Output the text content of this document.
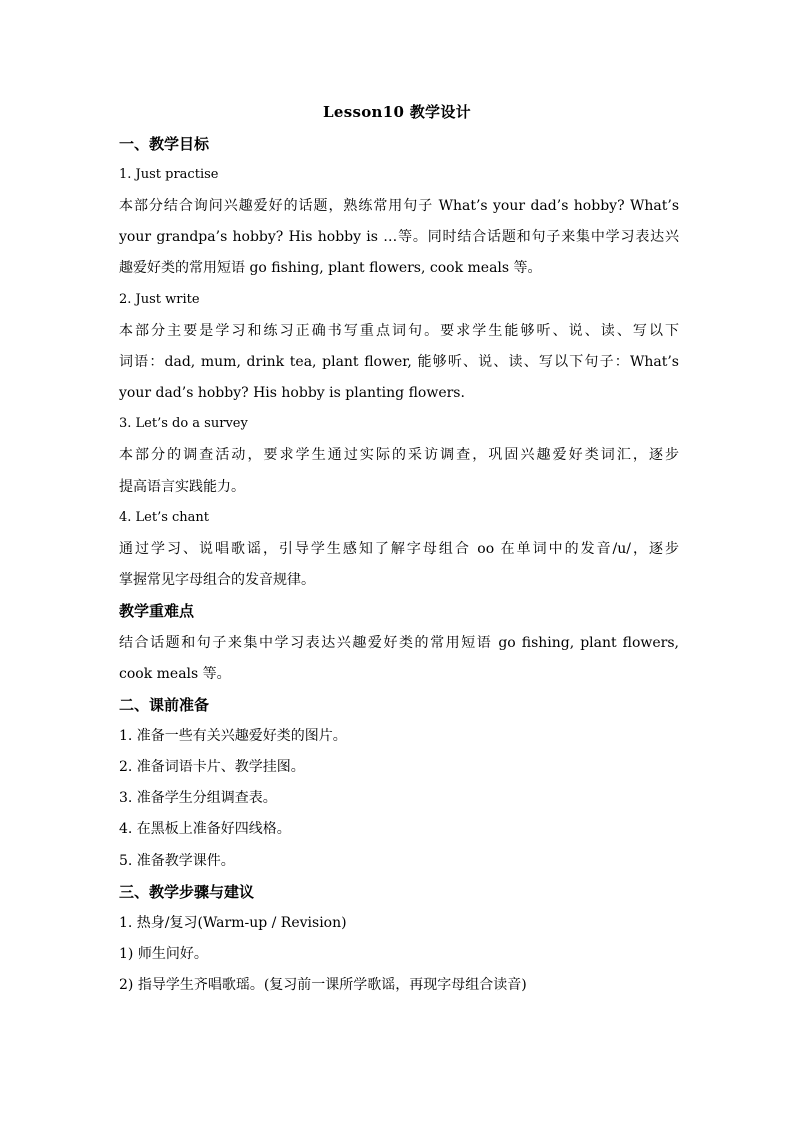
Lesson10 教学设计
一、教学目标
1. Just practise
本部分结合询问兴趣爱好的话题，熟练常用句子 What’s your dad’s hobby? What’s
your grandpa’s hobby? His hobby is …等。同时结合话题和句子来集中学习表达兴
趣爱好类的常用短语 go fishing, plant flowers, cook meals 等。
2. Just write
本部分主要是学习和练习正确书写重点词句。要求学生能够听、说、读、写以下
词语：dad, mum, drink tea, plant flower, 能够听、说、读、写以下句子：What’s
your dad’s hobby? His hobby is planting flowers.
3. Let’s do a survey
本部分的调查活动，要求学生通过实际的采访调查，巩固兴趣爱好类词汇，逐步
提高语言实践能力。
4. Let’s chant
通过学习、说唱歌谣，引导学生感知了解字母组合 oo 在单词中的发音/u/，逐步
掌握常见字母组合的发音规律。
教学重难点
结合话题和句子来集中学习表达兴趣爱好类的常用短语 go fishing, plant flowers,
cook meals 等。
二、课前准备
1. 准备一些有关兴趣爱好类的图片。
2. 准备词语卡片、教学挂图。
3. 准备学生分组调查表。
4. 在黑板上准备好四线格。
5. 准备教学课件。
三、教学步骤与建议
1. 热身/复习(Warm-up / Revision)
1) 师生问好。
2) 指导学生齐唱歌瑶。(复习前一课所学歌谣，再现字母组合读音)
